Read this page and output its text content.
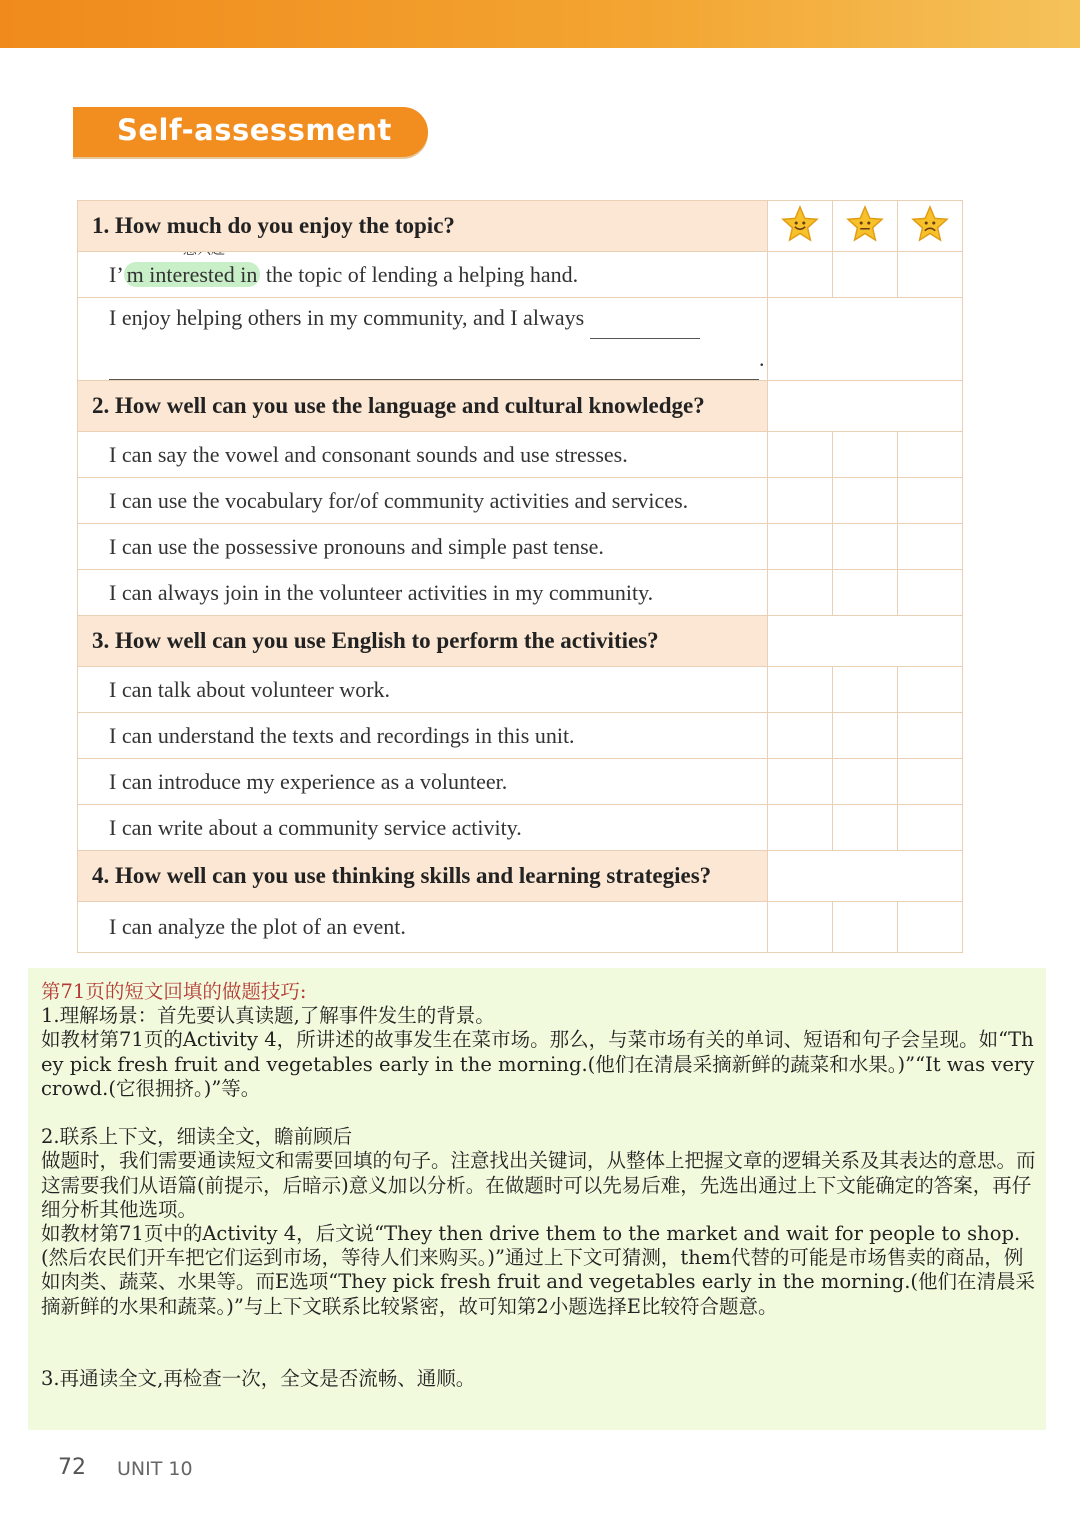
Self-assessment
1. How much do you enjoy the topic?			
I’ m interested in the topic of lending a helping hand.			

I enjoy helping others in my community, and I always
.			

2. How well can you use the language and cultural knowledge?			
I can say the vowel and consonant sounds and use stresses.			
I can use the vocabulary for/of community activities and services.			
I can use the possessive pronouns and simple past tense.			
I can always join in the volunteer activities in my community.			
3. How well can you use English to perform the activities?			
I can talk about volunteer work.			
I can understand the texts and recordings in this unit.			
I can introduce my experience as a volunteer.			
I can write about a community service activity.			
4. How well can you use thinking skills and learning strategies?			
I can analyze the plot of an event.			
第71页的短文回填的做题技巧:
1.理解场景：首先要认真读题,了解事件发生的背景。
如教材第71页的Activity 4，所讲述的故事发生在菜市场。那么，与菜市场有关的单词、短语和句子会呈现。如“They pick fresh fruit and vegetables early in the morning.(他们在清晨采摘新鲜的蔬菜和水果。)”“It was very crowd.(它很拥挤。)”等。

2.联系上下文，细读全文，瞻前顾后
做题时，我们需要通读短文和需要回填的句子。注意找出关键词，从整体上把握文章的逻辑关系及其表达的意思。而这需要我们从语篇(前提示，后暗示)意义加以分析。在做题时可以先易后难，先选出通过上下文能确定的答案，再仔细分析其他选项。
如教材第71页中的Activity 4，后文说“They then drive them to the market and wait for people to shop.(然后农民们开车把它们运到市场，等待人们来购买。)”通过上下文可猜测，them代替的可能是市场售卖的商品，例如肉类、蔬菜、水果等。而E选项“They pick fresh fruit and vegetables early in the morning.(他们在清晨采摘新鲜的水果和蔬菜。)”与上下文联系比较紧密，故可知第2小题选择E比较符合题意。

3.再通读全文,再检查一次，全文是否流畅、通顺。
72 UNIT 10
